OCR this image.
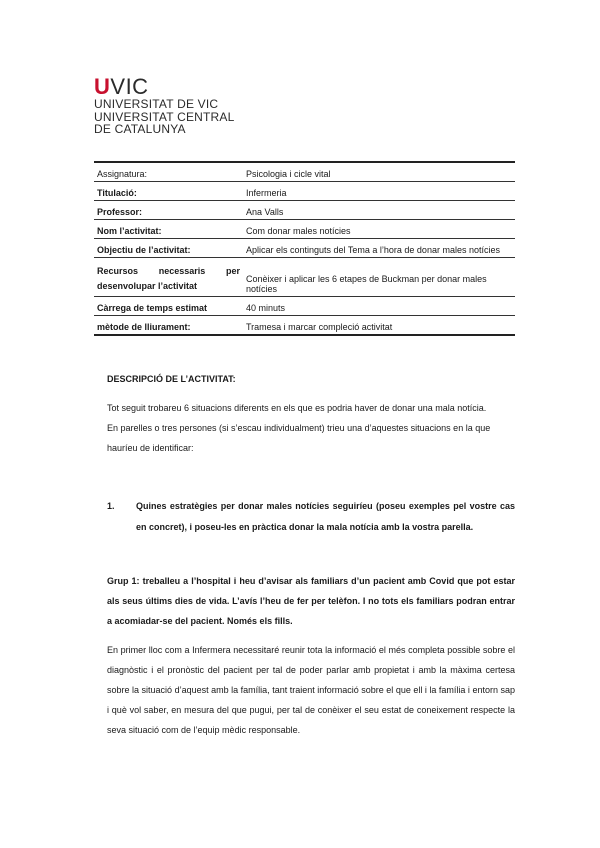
UVIC
UNIVERSITAT DE VIC
UNIVERSITAT CENTRAL
DE CATALUNYA
Assignatura:	Psicologia i cicle vital
Titulació:	Infermeria
Professor:	Ana Valls
Nom l’activitat:	Com donar males notícies
Objectiu de l’activitat:	Aplicar els continguts del Tema a l’hora de donar males notícies
Recursos necessaris per desenvolupar l’activitat	Conèixer i aplicar les 6 etapes de Buckman per donar males notícies
Càrrega de temps estimat	40 minuts
mètode de lliurament:	Tramesa i marcar compleció activitat
DESCRIPCIÓ DE L’ACTIVITAT:
Tot seguit trobareu 6 situacions diferents en els que es podria haver de donar una mala notícia.
En parelles o tres persones (si s’escau individualment) trieu una d’aquestes situacions en la que hauríeu de identificar:
1. Quines estratègies per donar males notícies seguiríeu (poseu exemples pel vostre cas en concret), i poseu-les en pràctica donar la mala notícia amb la vostra parella.
Grup 1: treballeu a l’hospital i heu d’avisar als familiars d’un pacient amb Covid que pot estar als seus últims dies de vida. L’avís l’heu de fer per telèfon. I no tots els familiars podran entrar a acomiadar-se del pacient. Només els fills.
En primer lloc com a Infermera necessitaré reunir tota la informació el més completa possible sobre el diagnòstic i el pronòstic del pacient per tal de poder parlar amb propietat i amb la màxima certesa sobre la situació d’aquest amb la família, tant traient informació sobre el que ell i la família i entorn sap i què vol saber, en mesura del que pugui, per tal de conèixer el seu estat de coneixement respecte la seva situació com de l’equip mèdic responsable.
